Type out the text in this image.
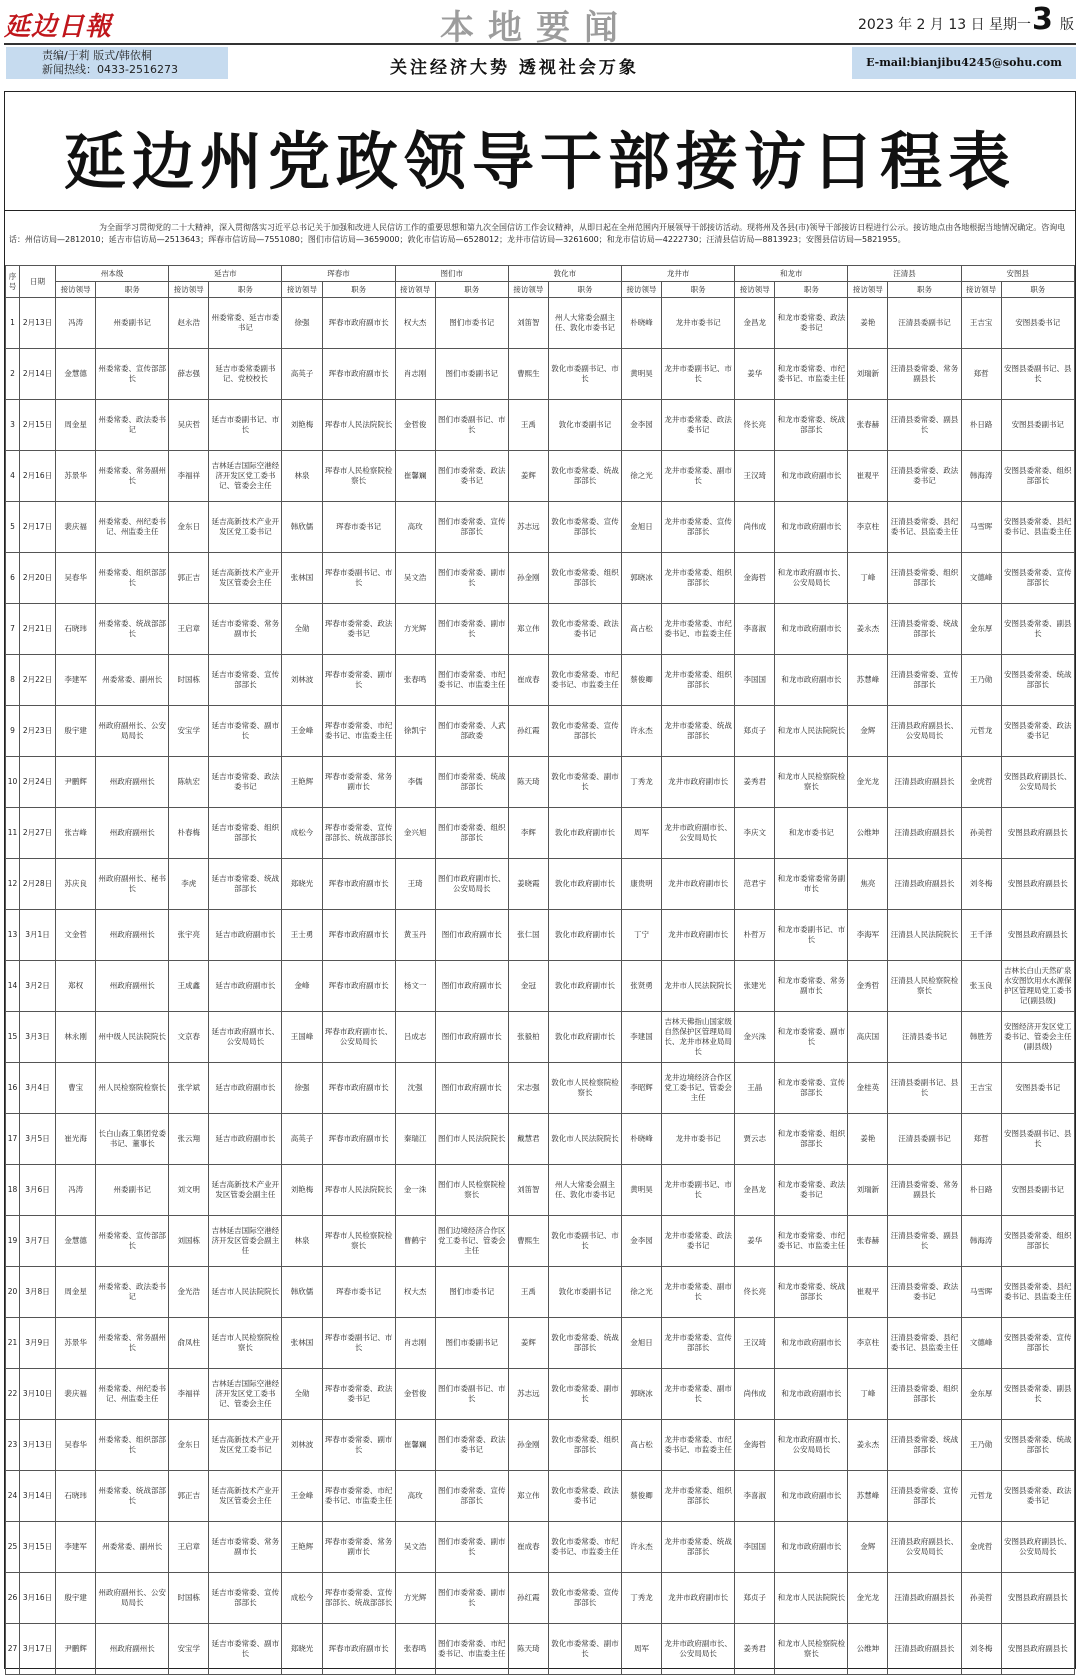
延边日報	本地要闻	2023 年 2 月 13 日 星期一 3 版
责编/于莉 版式/韩依桐
新闻热线：0433-2516273	关注经济大势 透视社会万象	E-mail:bianjibu4245@sohu.com
延边州党政领导干部接访日程表
为全面学习贯彻党的二十大精神，深入贯彻落实习近平总书记关于加强和改进人民信访工作的重要思想和第九次全国信访工作会议精神，从即日起在全州范围内开展领导干部接访活动。现将州及各县(市)领导干部接访日程进行公示。接访地点由各地根据当地情况确定。咨询电话：州信访局—2812010；延吉市信访局—2513643；珲春市信访局—7551080；图们市信访局—3659000；敦化市信访局—6528012；龙井市信访局—3261600；和龙市信访局—4222730；汪清县信访局—8813923；安图县信访局—5821955。
序号	日期	州本级		延吉市		珲春市		图们市		敦化市		龙井市		和龙市		汪清县		安图县	
		接访领导	职务	接访领导	职务	接访领导	职务	接访领导	职务	接访领导	职务	接访领导	职务	接访领导	职务	接访领导	职务	接访领导	职务
1	2月13日	冯涛	州委副书记	赵永浩	州委常委、延吉市委书记	徐强	珲春市政府副市长	权大杰	图们市委书记	刘笛智	州人大常委会副主任、敦化市委书记	朴晓峰	龙井市委书记	金昌龙	和龙市委常委、政法委书记	姜艳	汪清县委副书记	王吉宝	安图县委书记
2	2月14日	金慧德	州委常委、宣传部部长	薛志强	延吉市委常委副书记、党校校长	高英子	珲春市政府副市长	肖志刚	图们市委副书记	曹熙生	敦化市委副书记、市长	黄明昊	龙井市委副书记、市长	姜华	和龙市委常委、市纪委书记、市监委主任	刘瑞新	汪清县委常委、常务副县长	郑哲	安图县委副书记、县长
3	2月15日	周金星	州委常委、政法委书记	吴庆哲	延吉市委副书记、市长	刘艳梅	珲春市人民法院院长	金哲俊	图们市委副书记、市长	王禹	敦化市委副书记	金李园	龙井市委常委、政法委书记	佟长亮	和龙市委常委、统战部部长	张春赫	汪清县委常委、副县长	朴日路	安图县委副书记
4	2月16日	苏景华	州委常委、常务副州长	李福祥	吉林延吉国际空港经济开发区党工委书记、管委会主任	林泉	珲春市人民检察院检察长	崔馨斓	图们市委常委、政法委书记	姜辉	敦化市委常委、统战部部长	徐之光	龙井市委常委、副市长	王汉琦	和龙市政府副市长	崔观平	汪清县委常委、政法委书记	韩海涛	安图县委常委、组织部部长
5	2月17日	裴庆福	州委常委、州纪委书记、州监委主任	金东日	延吉高新技术产业开发区党工委书记	韩欣儒	珲春市委书记	高玫	图们市委常委、宣传部部长	苏志远	敦化市委常委、宣传部部长	金旭日	龙井市委常委、宣传部部长	尚伟成	和龙市政府副市长	李京柱	汪清县委常委、县纪委书记、县监委主任	马雪晖	安图县委常委、县纪委书记、县监委主任
6	2月20日	吴春华	州委常委、组织部部长	郭正吉	延吉高新技术产业开发区管委会主任	张林国	珲春市委副书记、市长	吴文浩	图们市委常委、副市长	孙金刚	敦化市委常委、组织部部长	郭晓冰	龙井市委常委、组织部部长	金海哲	和龙市政府副市长、公安局局长	丁峰	汪清县委常委、组织部部长	文德峰	安图县委常委、宣传部部长
7	2月21日	石晓玮	州委常委、统战部部长	王启章	延吉市委常委、常务副市长	全勋	珲春市委常委、政法委书记	方光辉	图们市委常委、副市长	郑立伟	敦化市委常委、政法委书记	高占松	龙井市委常委、市纪委书记、市监委主任	李喜淑	和龙市政府副市长	姜永杰	汪清县委常委、统战部部长	金东厚	安图县委常委、副县长
8	2月22日	李建军	州委常委、副州长	时国栋	延吉市委常委、宣传部部长	刘林波	珲春市委常委、副市长	张春鸣	图们市委常委、市纪委书记、市监委主任	崔成春	敦化市委常委、市纪委书记、市监委主任	蔡俊卿	龙井市委常委、组织部部长	李国国	和龙市政府副市长	苏慧峰	汪清县委常委、宣传部部长	王乃勋	安图县委常委、统战部部长
9	2月23日	殷宇建	州政府副州长、公安局局长	安宝学	延吉市委常委、副市长	王金峰	珲春市委常委、市纪委书记、市监委主任	徐凯宇	图们市委常委、人武部政委	孙红霞	敦化市委常委、宣传部部长	许永杰	龙井市委常委、统战部部长	郑贞子	和龙市人民法院院长	金辉	汪清县政府副县长、公安局局长	元哲龙	安图县委常委、政法委书记
10	2月24日	尹鹏辉	州政府副州长	陈轨宏	延吉市委常委、政法委书记	王艳辉	珲春市委常委、常务副市长	李儒	图们市委常委、统战部部长	陈天琦	敦化市委常委、副市长	丁秀龙	龙井市政府副市长	姜秀君	和龙市人民检察院检察长	金光龙	汪清县政府副县长	金虎哲	安图县政府副县长、公安局局长
11	2月27日	张吉峰	州政府副州长	朴春梅	延吉市委常委、组织部部长	成松今	珲春市委常委、宣传部部长、统战部部长	金兴旭	图们市委常委、组织部部长	李辉	敦化市政府副市长	周军	龙井市政府副市长、公安局局长	李庆文	和龙市委书记	公维坤	汪清县政府副县长	孙美哲	安图县政府副县长
12	2月28日	苏庆良	州政府副州长、秘书长	李虎	延吉市委常委、统战部部长	郑晓光	珲春市政府副市长	王琦	图们市政府副市长、公安局局长	姜晓霞	敦化市政府副市长	康贵明	龙井市政府副市长	范君宇	和龙市委常委常务副市长	焦亮	汪清县政府副县长	刘冬梅	安图县政府副县长
13	3月1日	文金哲	州政府副州长	张宇亮	延吉市政府副市长	王士勇	珲春市政府副市长	黄玉丹	图们市政府副市长	张仁国	敦化市政府副市长	丁宁	龙井市政府副市长	朴哲万	和龙市委副书记、市长	李海军	汪清县人民法院院长	王千泽	安图县政府副县长
14	3月2日	郑权	州政府副州长	王成鑫	延吉市政府副市长	金峰	珲春市政府副市长	杨文一	图们市政府副市长	金冠	敦化市政府副市长	张贤勇	龙井市人民法院院长	张建光	和龙市委常委、常务副市长	金秀哲	汪清县人民检察院检察长	张玉良	吉林长白山天然矿泉水安图饮用水水源保护区管理局党工委书记(副县级)
15	3月3日	林永刚	州中级人民法院院长	文京春	延吉市政府副市长、公安局局长	王国峰	珲春市政府副市长、公安局局长	吕成志	图们市政府副市长	张毅柏	敦化市政府副市长	李建国	吉林天佛指山国家级自然保护区管理局局长、龙井市林业局局长	金兴洙	和龙市委常委、副市长	高庆国	汪清县委书记	韩胜芳	安图经济开发区党工委书记、管委会主任(副县级)
16	3月4日	曹宝	州人民检察院检察长	张学斌	延吉市政府副市长	徐强	珲春市政府副市长	沈强	图们市政府副市长	宋志强	敦化市人民检察院检察长	李昭辉	龙井边境经济合作区党工委书记、管委会主任	王晶	和龙市委常委、宣传部部长	金桂英	汪清县委副书记、县长	王吉宝	安图县委书记
17	3月5日	崔光海	长白山森工集团党委书记、董事长	张云翔	延吉市政府副市长	高英子	珲春市政府副市长	秦瑞江	图们市人民法院院长	戴慧君	敦化市人民法院院长	朴晓峰	龙井市委书记	贾云志	和龙市委常委、组织部部长	姜艳	汪清县委副书记	郑哲	安图县委副书记、县长
18	3月6日	冯涛	州委副书记	刘文明	延吉高新技术产业开发区管委会副主任	刘艳梅	珲春市人民法院院长	金一洙	图们市人民检察院检察长	刘笛智	州人大常委会副主任、敦化市委书记	黄明昊	龙井市委副书记、市长	金昌龙	和龙市委常委、政法委书记	刘瑞新	汪清县委常委、常务副县长	朴日路	安图县委副书记
19	3月7日	金慧德	州委常委、宣传部部长	刘国栋	吉林延吉国际空港经济开发区管委会副主任	林泉	珲春市人民检察院检察长	曹鹤宇	图们边境经济合作区党工委书记、管委会主任	曹熙生	敦化市委副书记、市长	金李园	龙井市委常委、政法委书记	姜华	和龙市委常委、市纪委书记、市监委主任	张春赫	汪清县委常委、副县长	韩海涛	安图县委常委、组织部部长
20	3月8日	周金星	州委常委、政法委书记	金光浩	延吉市人民法院院长	韩欣儒	珲春市委书记	权大杰	图们市委书记	王禹	敦化市委副书记	徐之光	龙井市委常委、副市长	佟长亮	和龙市委常委、统战部部长	崔观平	汪清县委常委、政法委书记	马雪晖	安图县委常委、县纪委书记、县监委主任
21	3月9日	苏景华	州委常委、常务副州长	俞凤柱	延吉市人民检察院检察长	张林国	珲春市委副书记、市长	肖志刚	图们市委副书记	姜辉	敦化市委常委、统战部部长	金旭日	龙井市委常委、宣传部部长	王汉琦	和龙市政府副市长	李京柱	汪清县委常委、县纪委书记、县监委主任	文德峰	安图县委常委、宣传部部长
22	3月10日	裴庆福	州委常委、州纪委书记、州监委主任	李福祥	吉林延吉国际空港经济开发区党工委书记、管委会主任	全勋	珲春市委常委、政法委书记	金哲俊	图们市委副书记、市长	苏志远	敦化市委常委、副市长	郭晓冰	龙井市委常委、副市长	尚伟成	和龙市政府副市长	丁峰	汪清县委常委、组织部部长	金东厚	安图县委常委、副县长
23	3月13日	吴春华	州委常委、组织部部长	金东日	延吉高新技术产业开发区党工委书记	刘林波	珲春市委常委、副市长	崔馨斓	图们市委常委、政法委书记	孙金刚	敦化市委常委、组织部部长	高占松	龙井市委常委、市纪委书记、市监委主任	金海哲	和龙市政府副市长、公安局局长	姜永杰	汪清县委常委、统战部部长	王乃勋	安图县委常委、统战部部长
24	3月14日	石晓玮	州委常委、统战部部长	郭正吉	延吉高新技术产业开发区管委会主任	王金峰	珲春市委常委、市纪委书记、市监委主任	高玫	图们市委常委、宣传部部长	郑立伟	敦化市委常委、政法委书记	蔡俊卿	龙井市委常委、组织部部长	李喜淑	和龙市政府副市长	苏慧峰	汪清县委常委、宣传部部长	元哲龙	安图县委常委、政法委书记
25	3月15日	李建军	州委常委、副州长	王启章	延吉市委常委、常务副市长	王艳辉	珲春市委常委、常务副市长	吴文浩	图们市委常委、副市长	崔成春	敦化市委常委、市纪委书记、市监委主任	许永杰	龙井市委常委、统战部部长	李国国	和龙市政府副市长	金辉	汪清县政府副县长、公安局局长	金虎哲	安图县政府副县长、公安局局长
26	3月16日	殷宇建	州政府副州长、公安局局长	时国栋	延吉市委常委、宣传部部长	成松今	珲春市委常委、宣传部部长、统战部部长	方光辉	图们市委常委、副市长	孙红霞	敦化市委常委、宣传部部长	丁秀龙	龙井市政府副市长	郑贞子	和龙市人民法院院长	金光龙	汪清县政府副县长	孙美哲	安图县政府副县长
27	3月17日	尹鹏辉	州政府副州长	安宝学	延吉市委常委、副市长	郑晓光	珲春市政府副市长	张春鸣	图们市委常委、市纪委书记、市监委主任	陈天琦	敦化市委常委、副市长	周军	龙井市政府副市长、公安局局长	姜秀君	和龙市人民检察院检察长	公维坤	汪清县政府副县长	刘冬梅	安图县政府副县长
